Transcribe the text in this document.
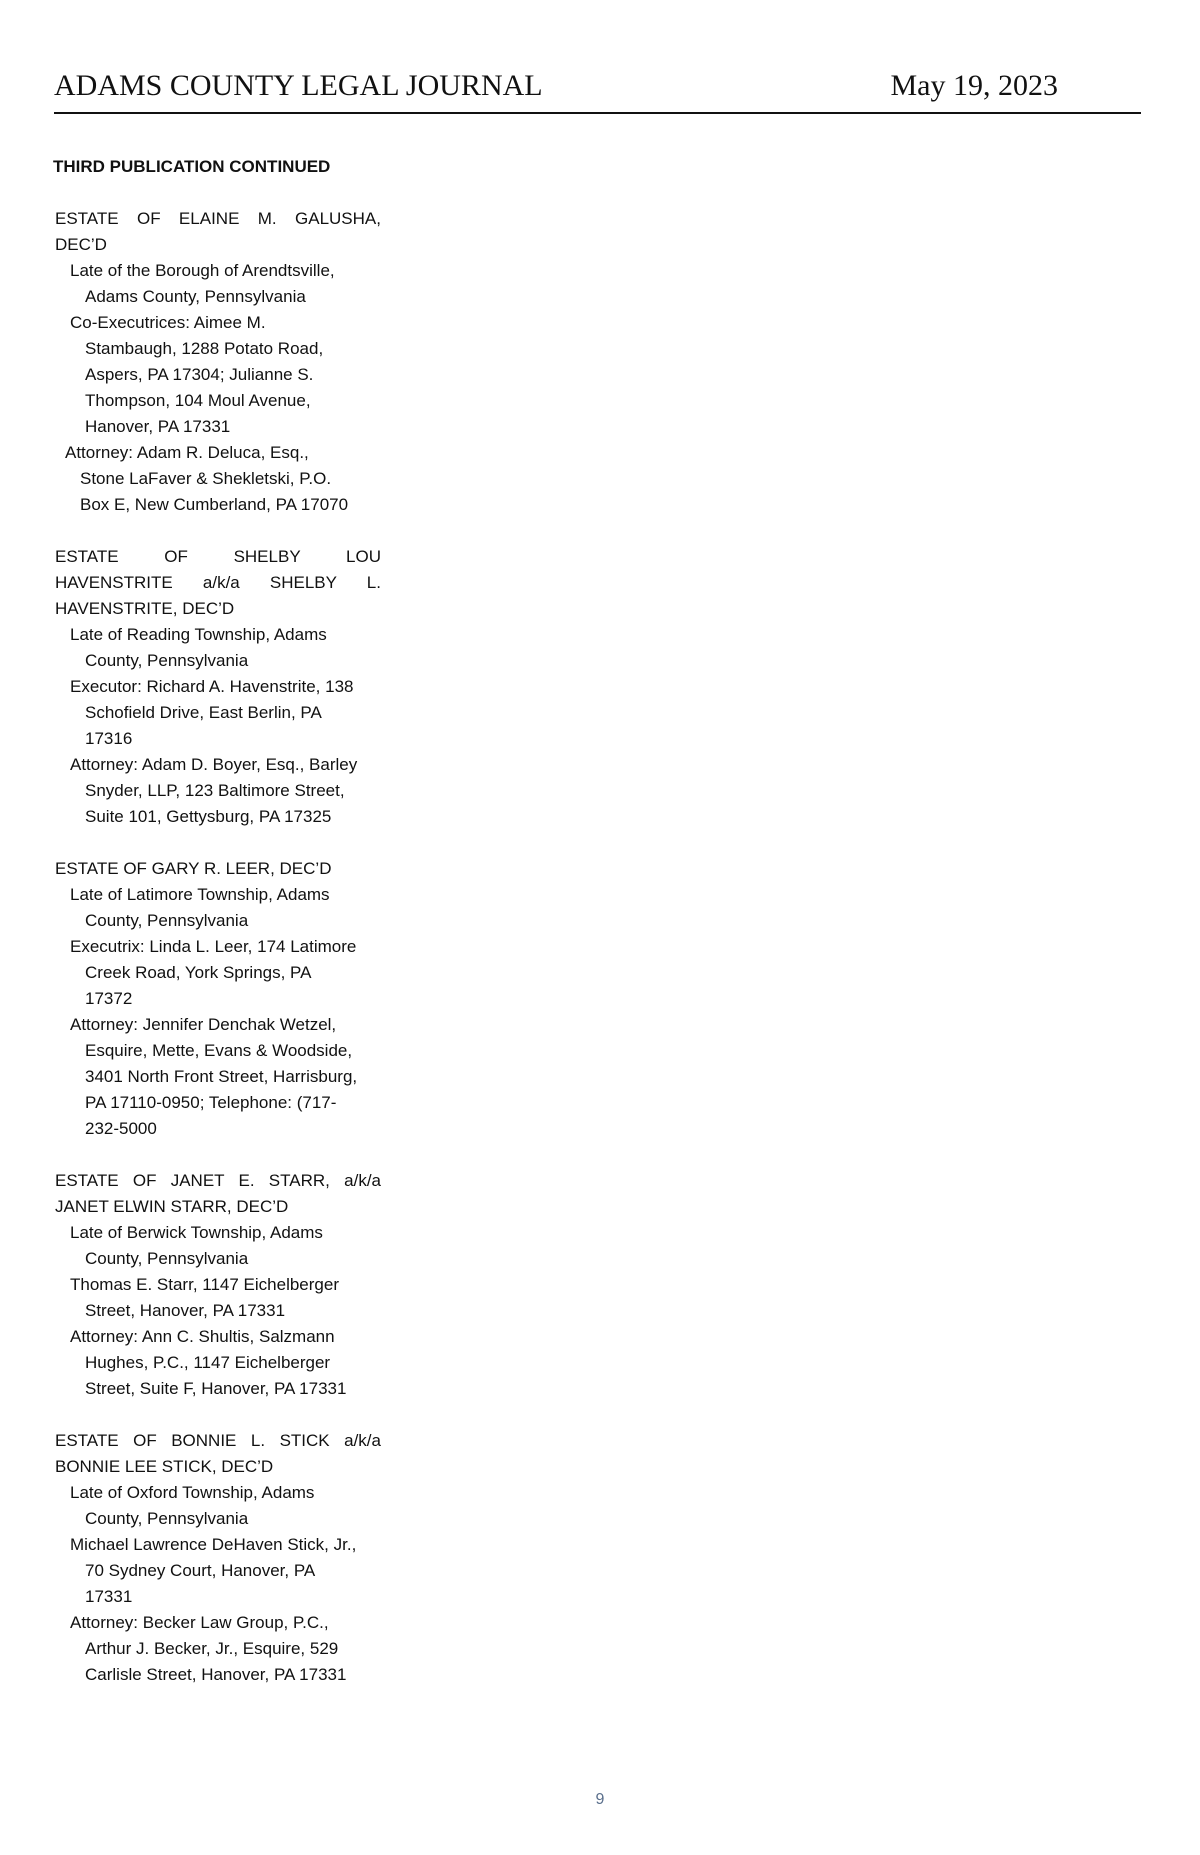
ADAMS COUNTY LEGAL JOURNAL	May 19, 2023
THIRD PUBLICATION CONTINUED
ESTATE OF ELAINE M. GALUSHA,
DEC’D
Late of the Borough of Arendtsville,
Adams County, Pennsylvania
Co-Executrices: Aimee M.
Stambaugh, 1288 Potato Road,
Aspers, PA 17304; Julianne S.
Thompson, 104 Moul Avenue,
Hanover, PA 17331
Attorney: Adam R. Deluca, Esq.,
Stone LaFaver & Shekletski, P.O.
Box E, New Cumberland, PA 17070
ESTATE OF SHELBY LOU
HAVENSTRITE a/k/a SHELBY L.
HAVENSTRITE, DEC’D
Late of Reading Township, Adams
County, Pennsylvania
Executor: Richard A. Havenstrite, 138
Schofield Drive, East Berlin, PA
17316
Attorney: Adam D. Boyer, Esq., Barley
Snyder, LLP, 123 Baltimore Street,
Suite 101, Gettysburg, PA 17325
ESTATE OF GARY R. LEER, DEC’D
Late of Latimore Township, Adams
County, Pennsylvania
Executrix: Linda L. Leer, 174 Latimore
Creek Road, York Springs, PA
17372
Attorney: Jennifer Denchak Wetzel,
Esquire, Mette, Evans & Woodside,
3401 North Front Street, Harrisburg,
PA 17110-0950; Telephone: (717-
232-5000
ESTATE OF JANET E. STARR, a/k/a
JANET ELWIN STARR, DEC’D
Late of Berwick Township, Adams
County, Pennsylvania
Thomas E. Starr, 1147 Eichelberger
Street, Hanover, PA 17331
Attorney: Ann C. Shultis, Salzmann
Hughes, P.C., 1147 Eichelberger
Street, Suite F, Hanover, PA 17331
ESTATE OF BONNIE L. STICK a/k/a
BONNIE LEE STICK, DEC’D
Late of Oxford Township, Adams
County, Pennsylvania
Michael Lawrence DeHaven Stick, Jr.,
70 Sydney Court, Hanover, PA
17331
Attorney: Becker Law Group, P.C.,
Arthur J. Becker, Jr., Esquire, 529
Carlisle Street, Hanover, PA 17331
9
